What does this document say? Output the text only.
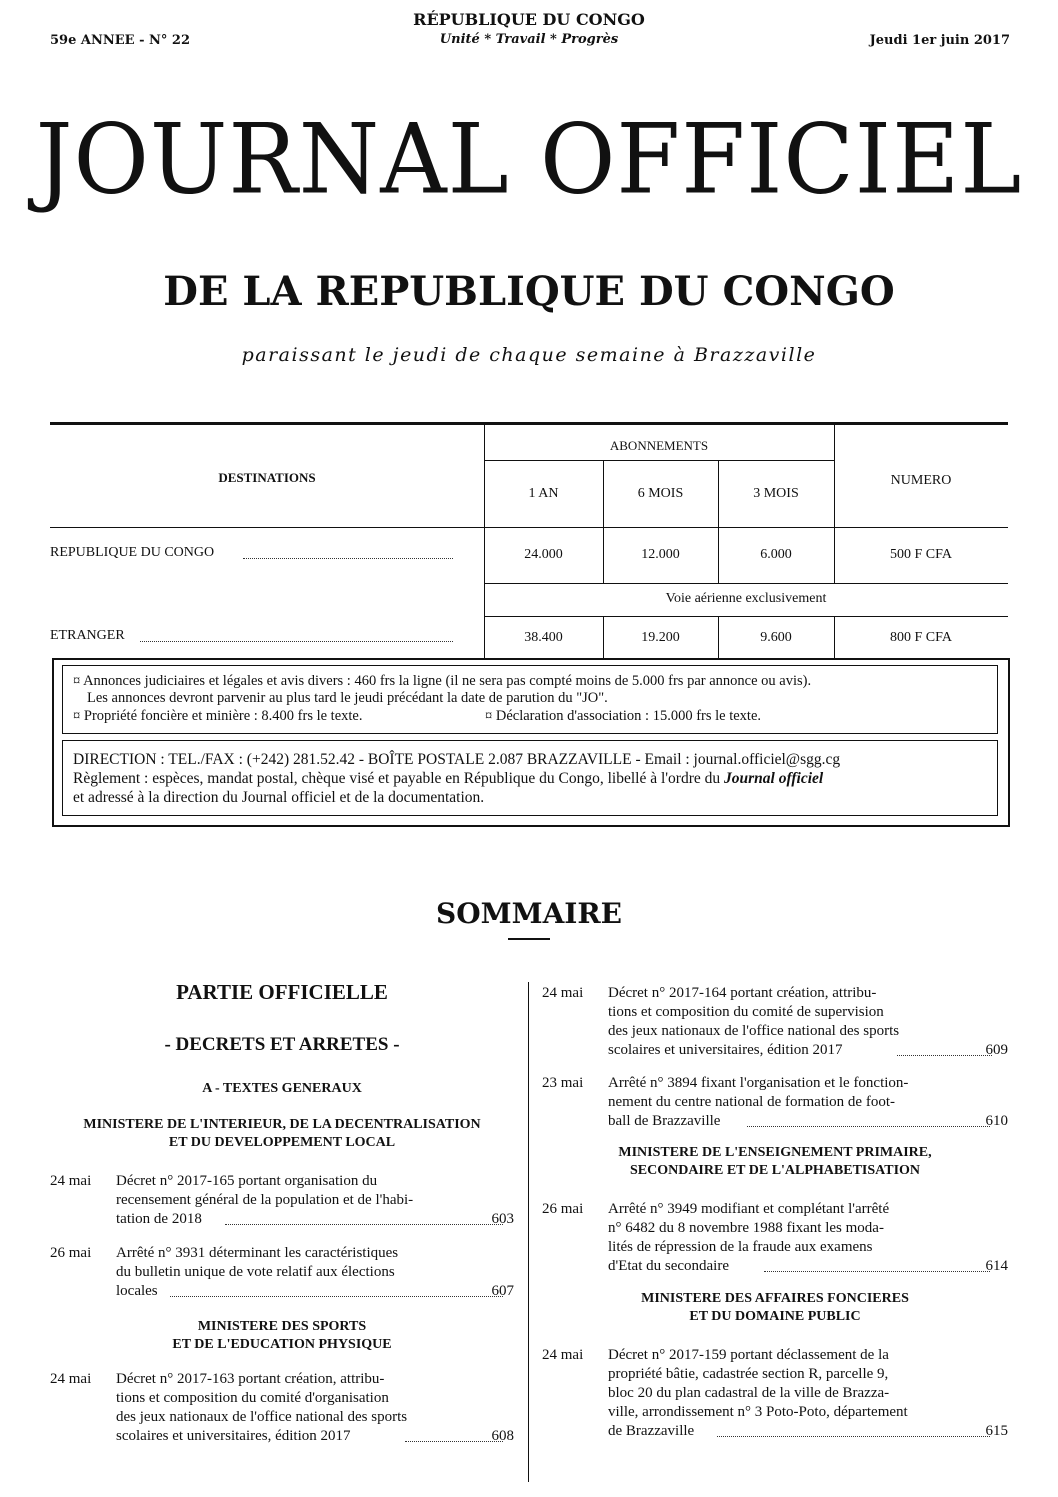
59e ANNEE - N° 22
RÉPUBLIQUE DU CONGO
Unité * Travail * Progrès	Jeudi 1er juin 2017
JOURNAL OFFICIEL
DE LA REPUBLIQUE DU CONGO
paraissant le jeudi de chaque semaine à Brazzaville
DESTINATIONS
ABONNEMENTS
1 AN	6 MOIS	3 MOIS
NUMERO
REPUBLIQUE DU CONGO	24.000	12.000	6.000	500 F CFA
Voie aérienne exclusivement
ETRANGER	38.400	19.200	9.600	800 F CFA
¤ Annonces judiciaires et légales et avis divers : 460 frs la ligne (il ne sera pas compté moins de 5.000 frs par annonce ou avis).
Les annonces devront parvenir au plus tard le jeudi précédant la date de parution du "JO".
¤ Propriété foncière et minière : 8.400 frs le texte.	¤ Déclaration d'association : 15.000 frs le texte.
DIRECTION : TEL./FAX : (+242) 281.52.42 - BOÎTE POSTALE 2.087 BRAZZAVILLE - Email : journal.officiel@sgg.cg
Règlement : espèces, mandat postal, chèque visé et payable en République du Congo, libellé à l'ordre du Journal officiel
et adressé à la direction du Journal officiel et de la documentation.
SOMMAIRE
PARTIE OFFICIELLE
- DECRETS ET ARRETES -
A - TEXTES GENERAUX
MINISTERE DE L'INTERIEUR, DE LA DECENTRALISATION
ET DU DEVELOPPEMENT LOCAL
24 mai Décret n° 2017-165 portant organisation du
recensement général de la population et de l'habi-
tation de 2018	603
26 mai Arrêté n° 3931 déterminant les caractéristiques
du bulletin unique de vote relatif aux élections
locales	607
MINISTERE DES SPORTS
ET DE L'EDUCATION PHYSIQUE
24 mai Décret n° 2017-163 portant création, attribu-
tions et composition du comité d'organisation
des jeux nationaux de l'office national des sports
scolaires et universitaires, édition 2017	608
24 mai Décret n° 2017-164 portant création, attribu-
tions et composition du comité de supervision
des jeux nationaux de l'office national des sports
scolaires et universitaires, édition 2017	609
23 mai Arrêté n° 3894 fixant l'organisation et le fonction-
nement du centre national de formation de foot-
ball de Brazzaville	610
MINISTERE DE L'ENSEIGNEMENT PRIMAIRE,
SECONDAIRE ET DE L'ALPHABETISATION
26 mai Arrêté n° 3949 modifiant et complétant l'arrêté
n° 6482 du 8 novembre 1988 fixant les moda-
lités de répression de la fraude aux examens
d'Etat du secondaire	614
MINISTERE DES AFFAIRES FONCIERES
ET DU DOMAINE PUBLIC
24 mai Décret n° 2017-159 portant déclassement de la
propriété bâtie, cadastrée section R, parcelle 9,
bloc 20 du plan cadastral de la ville de Brazza-
ville, arrondissement n° 3 Poto-Poto, département
de Brazzaville	615
